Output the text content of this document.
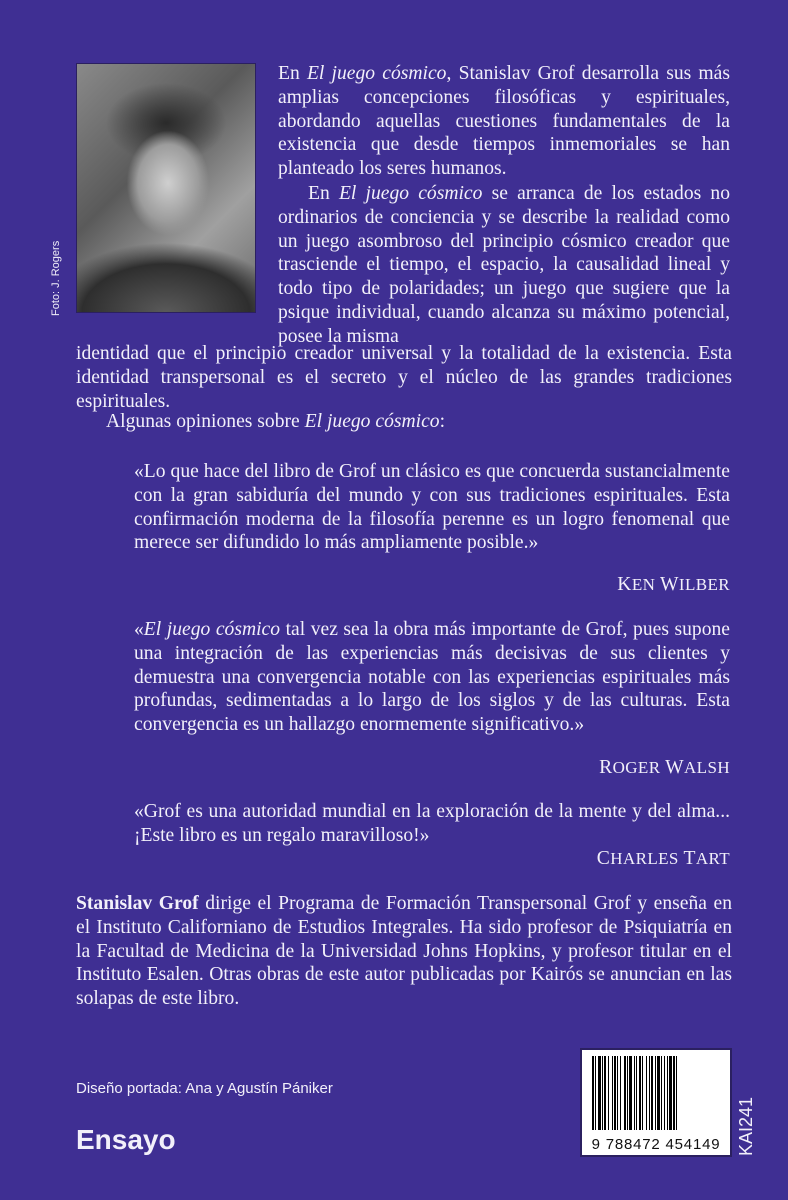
Foto: J. Rogers
En El juego cósmico, Stanislav Grof desarrolla sus más amplias concepciones filosóficas y espirituales, abordando aquellas cuestiones fundamentales de la existencia que desde tiempos inmemoriales se han planteado los seres humanos.
En El juego cósmico se arranca de los estados no ordinarios de conciencia y se describe la realidad como un juego asombroso del principio cósmico creador que trasciende el tiempo, el espacio, la causalidad lineal y todo tipo de polaridades; un juego que sugiere que la psique individual, cuando alcanza su máximo potencial, posee la misma
identidad que el principio creador universal y la totalidad de la existencia. Esta identidad transpersonal es el secreto y el núcleo de las grandes tradiciones espirituales.
Algunas opiniones sobre El juego cósmico:
«Lo que hace del libro de Grof un clásico es que concuerda sustancialmente con la gran sabiduría del mundo y con sus tradiciones espirituales. Esta confirmación moderna de la filosofía perenne es un logro fenomenal que merece ser difundido lo más ampliamente posible.»
KEN WILBER
«El juego cósmico tal vez sea la obra más importante de Grof, pues supone una integración de las experiencias más decisivas de sus clientes y demuestra una convergencia notable con las experiencias espirituales más profundas, sedimentadas a lo largo de los siglos y de las culturas. Esta convergencia es un hallazgo enormemente significativo.»
ROGER WALSH
«Grof es una autoridad mundial en la exploración de la mente y del alma... ¡Este libro es un regalo maravilloso!»
CHARLES TART
Stanislav Grof dirige el Programa de Formación Transpersonal Grof y enseña en el Instituto Californiano de Estudios Integrales. Ha sido profesor de Psiquiatría en la Facultad de Medicina de la Universidad Johns Hopkins, y profesor titular en el Instituto Esalen. Otras obras de este autor publicadas por Kairós se anuncian en las solapas de este libro.
Diseño portada: Ana y Agustín Pániker
Ensayo	9 788472 454149 KAI241
